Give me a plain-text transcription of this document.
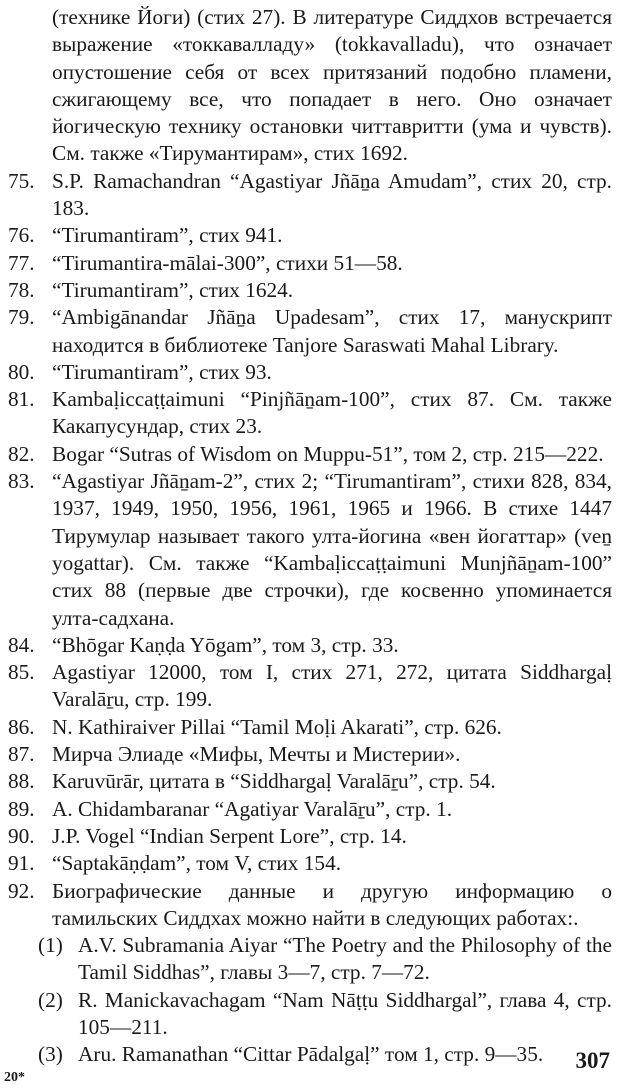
(технике Йоги) (стих 27). В литературе Сиддхов встречается выражение «токкавалладу» (tokkavalladu), что означает опустошение себя от всех притязаний подобно пламени, сжигающему все, что попадает в него. Оно означает йогическую технику остановки читтавритти (ума и чувств). См. также «Тирумантирам», стих 1692.
75. S.P. Ramachandran “Agastiyar Jñāṉa Amudam”, стих 20, стр. 183.
76. “Tirumantiram”, стих 941.
77. “Tirumantira-mālai-300”, стихи 51—58.
78. “Tirumantiram”, стих 1624.
79. “Ambigānandar Jñāṉa Upadesam”, стих 17, манускрипт находится в библиотеке Tanjore Saraswati Mahal Library.
80. “Tirumantiram”, стих 93.
81. Kambaḷiccaṭṭaimuni “Pinjñāṉam-100”, стих 87. См. также Какапусундар, стих 23.
82. Bogar “Sutras of Wisdom on Muppu-51”, том 2, стр. 215—222.
83. “Agastiyar Jñāṉam-2”, стих 2; “Tirumantiram”, стихи 828, 834, 1937, 1949, 1950, 1956, 1961, 1965 и 1966. В стихе 1447 Тирумулар называет такого улта-йогина «вен йогаттар» (veṉ yogattar). См. также “Kambaḷiccaṭṭaimuni Munjñāṉam-100” стих 88 (первые две строчки), где косвенно упоминается улта-садхана.
84. “Bhōgar Kaṇḍa Yōgam”, том 3, стр. 33.
85. Agastiyar 12000, том I, стих 271, 272, цитата Siddhargaḷ Varalāṟu, стр. 199.
86. N. Kathiraiver Pillai “Tamil Moḷi Akarati”, стр. 626.
87. Мирча Элиаде «Мифы, Мечты и Мистерии».
88. Karuvūrār, цитата в “Siddhargaḷ Varalāṟu”, стр. 54.
89. A. Chidambaranar “Agatiyar Varalāṟu”, стр. 1.
90. J.P. Vogel “Indian Serpent Lore”, стр. 14.
91. “Saptakāṇḍam”, том V, стих 154.
92. Биографические данные и другую информацию о тамильских Сиддхах можно найти в следующих работах:.
(1) A.V. Subramania Aiyar “The Poetry and the Philosophy of the Tamil Siddhas”, главы 3—7, стр. 7—72.
(2) R. Manickavachagam “Nam Nāṭṭu Siddhargal”, глава 4, стр. 105—211.
(3) Aru. Ramanathan “Cittar Pādalgaḷ” том 1, стр. 9—35.	307
20*
